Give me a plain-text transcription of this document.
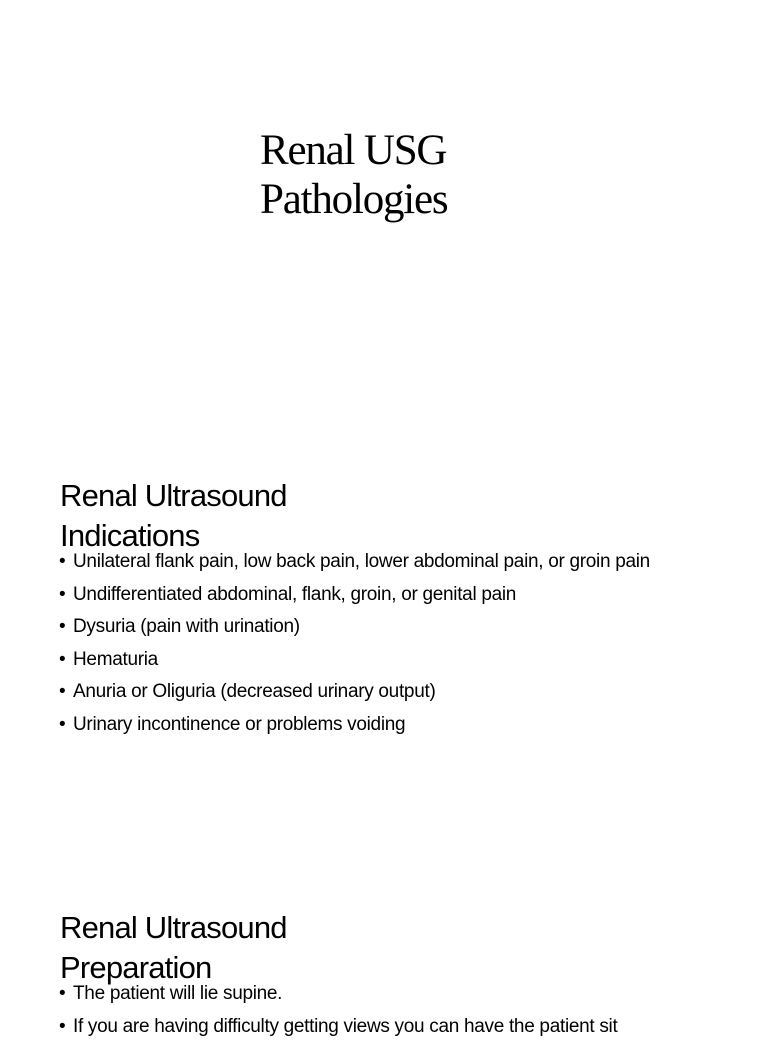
Renal USG
Pathologies
Renal Ultrasound
Indications
• Unilateral flank pain, low back pain, lower abdominal pain, or groin pain
• Undifferentiated abdominal, flank, groin, or genital pain
• Dysuria (pain with urination)
• Hematuria
• Anuria or Oliguria (decreased urinary output)
• Urinary incontinence or problems voiding
Renal Ultrasound
Preparation
• The patient will lie supine.
• If you are having difficulty getting views you can have the patient sit
